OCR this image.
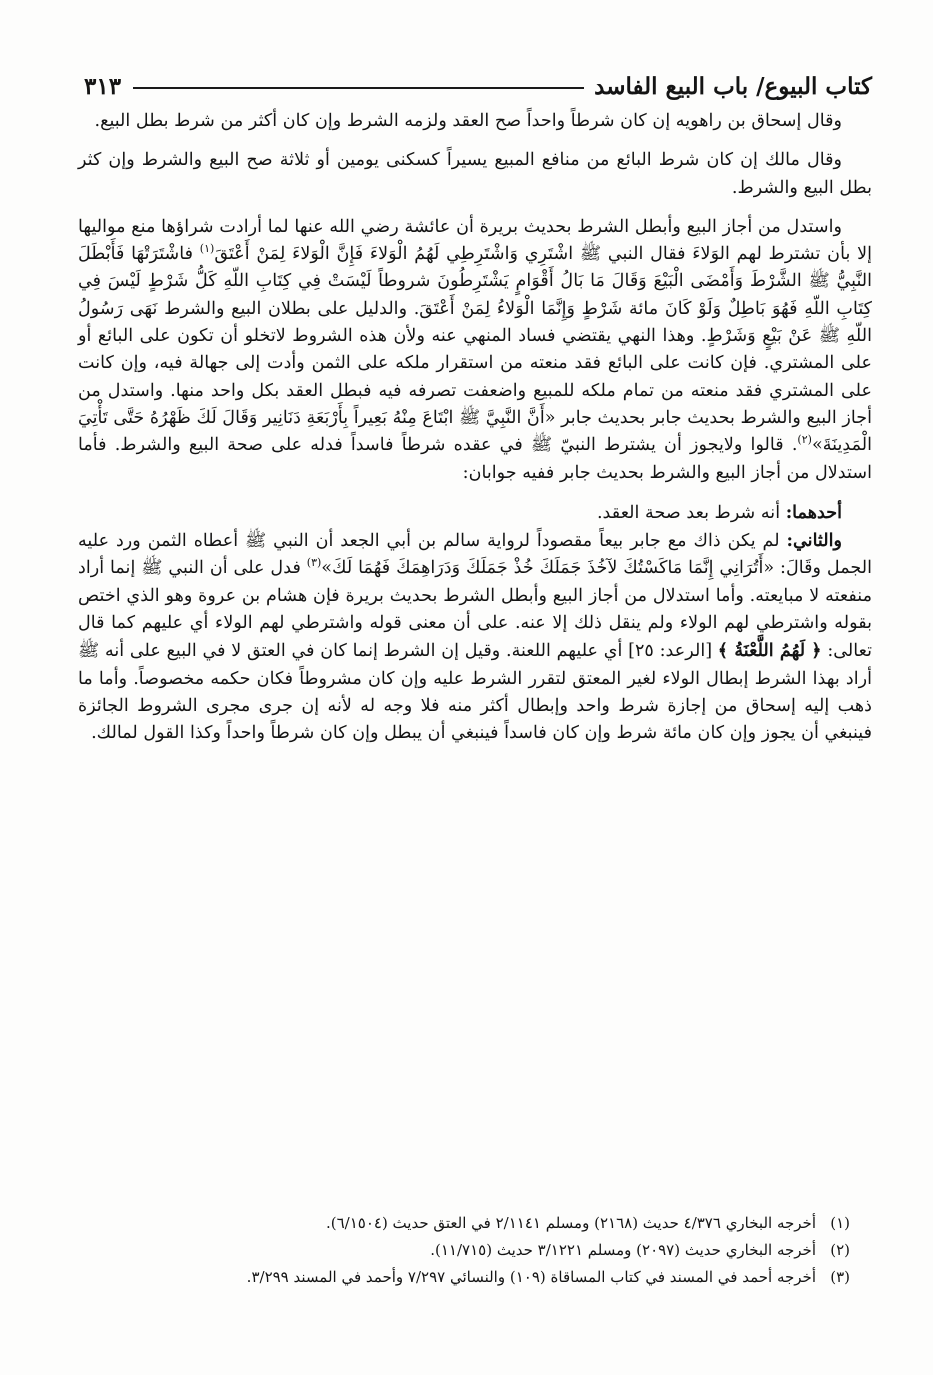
كتاب البيوع/ باب البيع الفاسد
٣١٣

وقال إسحاق بن راهويه إن كان شرطاً واحداً صح العقد ولزمه الشرط وإن كان أكثر من شرط بطل البيع.

وقال مالك إن كان شرط البائع من منافع المبيع يسيراً كسكنى يومين أو ثلاثة صح البيع والشرط وإن كثر بطل البيع والشرط.

واستدل من أجاز البيع وأبطل الشرط بحديث بريرة أن عائشة رضي الله عنها لما أرادت شراؤها منع مواليها إلا بأن تشترط لهم الوَلاءَ فقال النبي ﷺ اشْتَرِي وَاشْتَرِطِي لَهُمُ الْوَلاءَ فَإِنَّ الْوَلاءَ لِمَنْ أَعْتَقَ$^{(١)}$ فاشْتَرَتْهَا فَأَبْطَلَ النَّبِيُّ ﷺ الشَّرْطَ وَأَمْضَى الْبَيْعَ وَقَالَ مَا بَالُ أَقْوَامٍ يَشْتَرِطُونَ شروطاً لَيْسَتْ فِي كِتَابِ اللّهِ كَلُّ شَرْطٍ لَيْسَ فِي كِتَابِ اللّهِ فَهُوَ بَاطِلٌ وَلَوْ كَانَ مائة شَرْطٍ وَإِنَّمَا الْوَلاءُ لِمَنْ أَعْتَقَ. والدليل على بطلان البيع والشرط نَهَى رَسُولُ اللّهِ ﷺ عَنْ بَيْعٍ وَشَرْطٍ. وهذا النهي يقتضي فساد المنهي عنه ولأن هذه الشروط لاتخلو أن تكون على البائع أو على المشتري. فإن كانت على البائع فقد منعته من استقرار ملكه على الثمن وأدت إلى جهالة فيه، وإن كانت على المشتري فقد منعته من تمام ملكه للمبيع واضعفت تصرفه فيه فبطل العقد بكل واحد منها. واستدل من أجاز البيع والشرط بحديث جابر بحديث جابر «أَنَّ النَّبِيَّ ﷺ ابْتَاعَ مِنْهُ بَعِيراً بِأَرْبَعَةِ دَنَانِير وَقَالَ لَكَ ظَهْرُهُ حَتَّى تَأْتِيَ الْمَدِينَةَ»$^{(٢)}$. قالوا ولايجوز أن يشترط النبيّ ﷺ في عقده شرطاً فاسداً فدله على صحة البيع والشرط. فأما استدلال من أجاز البيع والشرط بحديث جابر ففيه جوابان:

أحدهما: أنه شرط بعد صحة العقد.

والثاني: لم يكن ذاك مع جابر بيعاً مقصوداً لرواية سالم بن أبي الجعد أن النبي ﷺ أعطاه الثمن ورد عليه الجمل وقَالَ: «أَتُرَانِي إِنَّمَا مَاكَسْتُكَ لآخُذَ جَمَلَكَ خُذْ جَمَلَكَ وَدَرَاهِمَكَ فَهُمَا لَكَ»$^{(٣)}$ فدل على أن النبي ﷺ إنما أراد منفعته لا مبايعته. وأما استدلال من أجاز البيع وأبطل الشرط بحديث بريرة فإن هشام بن عروة وهو الذي اختص بقوله واشترطي لهم الولاء ولم ينقل ذلك إلا عنه. على أن معنى قوله واشترطي لهم الولاء أي عليهم كما قال تعالى: ﴿ لَهُمُ اللَّعْنَةُ ﴾ [الرعد: ٢٥] أي عليهم اللعنة. وقيل إن الشرط إنما كان في العتق لا في البيع على أنه ﷺ أراد بهذا الشرط إبطال الولاء لغير المعتق لتقرر الشرط عليه وإن كان مشروطاً فكان حكمه مخصوصاً. وأما ما ذهب إليه إسحاق من إجازة شرط واحد وإبطال أكثر منه فلا وجه له لأنه إن جرى مجرى الشروط الجائزة فينبغي أن يجوز وإن كان مائة شرط وإن كان فاسداً فينبغي أن يبطل وإن كان شرطاً واحداً وكذا القول لمالك.

(١)
أخرجه البخاري ٤/٣٧٦ حديث (٢١٦٨) ومسلم ٢/١١٤١ في العتق حديث (٦/١٥٠٤).
(٢)
أخرجه البخاري حديث (٢٠٩٧) ومسلم ٣/١٢٢١ حديث (١١/٧١٥).
(٣)
أخرجه أحمد في المسند في كتاب المساقاة (١٠٩) والنسائي ٧/٢٩٧ وأحمد في المسند ٣/٢٩٩.
